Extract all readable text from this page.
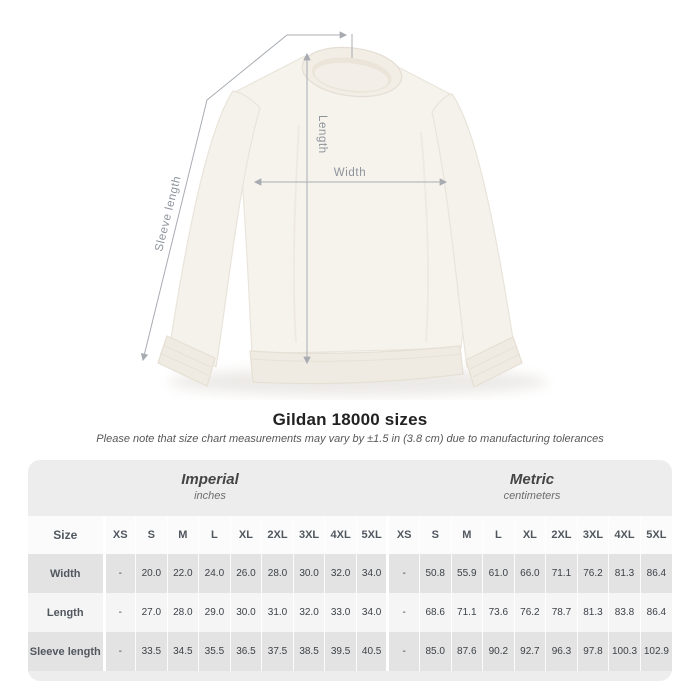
Width
Length
Sleeve length
Gildan 18000 sizes

Please note that size chart measurements may vary by ±1.5 in (3.8 cm) due to manufacturing tolerances

Imperial
inches
Metric
centimeters
Size	XS	S	M	L	XL	2XL	3XL	4XL	5XL	XS	S	M	L	XL	2XL	3XL	4XL	5XL
Width	-	20.0	22.0	24.0	26.0	28.0	30.0	32.0	34.0	-	50.8	55.9	61.0	66.0	71.1	76.2	81.3	86.4
Length	-	27.0	28.0	29.0	30.0	31.0	32.0	33.0	34.0	-	68.6	71.1	73.6	76.2	78.7	81.3	83.8	86.4
Sleeve length	-	33.5	34.5	35.5	36.5	37.5	38.5	39.5	40.5	-	85.0	87.6	90.2	92.7	96.3	97.8	100.3	102.9
